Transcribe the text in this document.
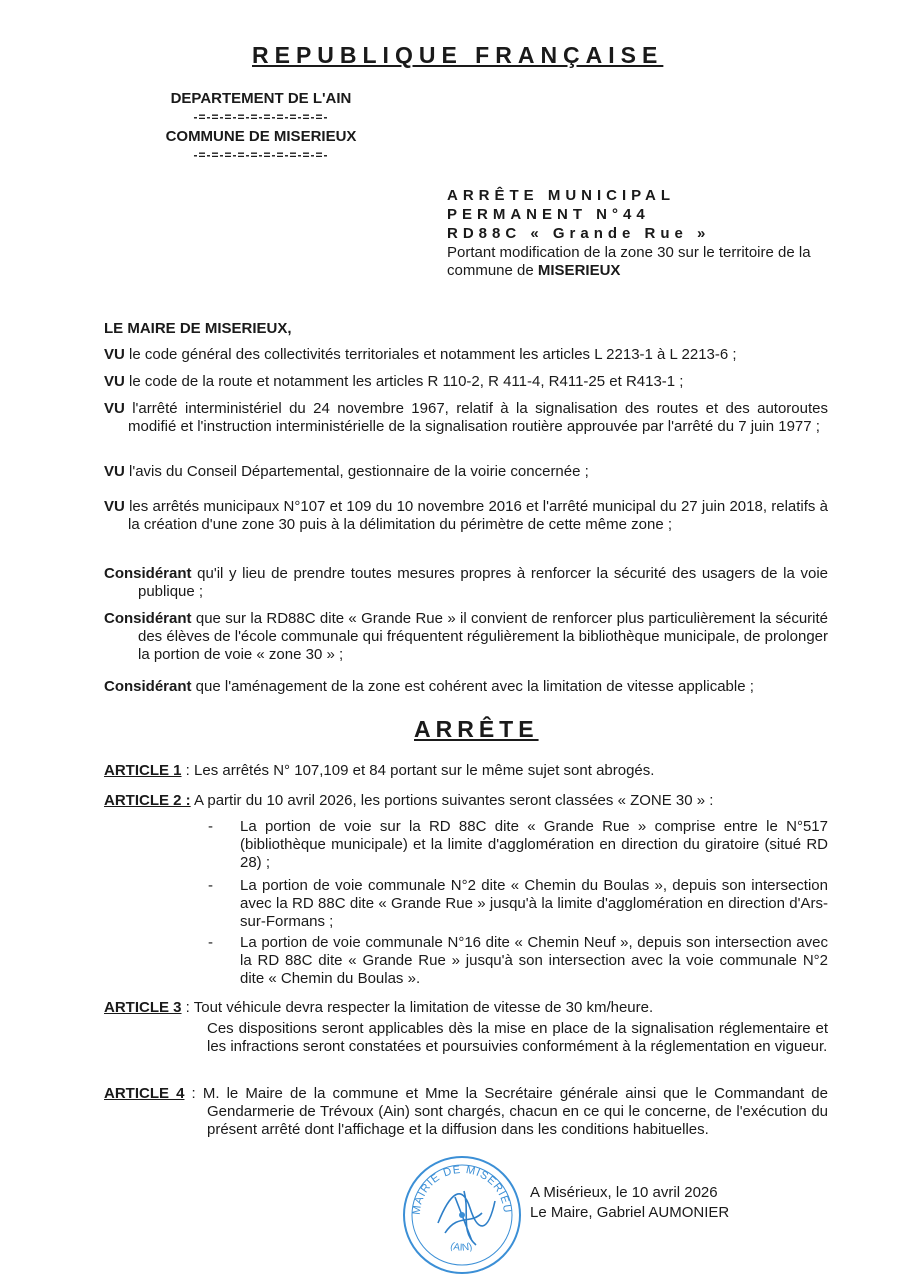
REPUBLIQUE FRANÇAISE
DEPARTEMENT DE L'AIN
-=-=-=-=-=-=-=-=-=-=-
COMMUNE DE MISERIEUX
-=-=-=-=-=-=-=-=-=-=-
ARRÊTE MUNICIPAL
PERMANENT N°44
RD88C « Grande Rue »
Portant modification de la zone 30 sur le territoire de la commune de MISERIEUX
LE MAIRE DE MISERIEUX,
VU le code général des collectivités territoriales et notamment les articles L 2213-1 à L 2213-6 ;
VU le code de la route et notamment les articles R 110-2, R 411-4, R411-25 et R413-1 ;
VU l'arrêté interministériel du 24 novembre 1967, relatif à la signalisation des routes et des autoroutes modifié et l'instruction interministérielle de la signalisation routière approuvée par l'arrêté du 7 juin 1977 ;
VU l'avis du Conseil Départemental, gestionnaire de la voirie concernée ;
VU les arrêtés municipaux N°107 et 109 du 10 novembre 2016 et l'arrêté municipal du 27 juin 2018, relatifs à la création d'une zone 30 puis à la délimitation du périmètre de cette même zone ;
Considérant qu'il y lieu de prendre toutes mesures propres à renforcer la sécurité des usagers de la voie publique ;
Considérant que sur la RD88C dite « Grande Rue » il convient de renforcer plus particulièrement la sécurité des élèves de l'école communale qui fréquentent régulièrement la bibliothèque municipale, de prolonger la portion de voie « zone 30 » ;
Considérant que l'aménagement de la zone est cohérent avec la limitation de vitesse applicable ;
ARRÊTE
ARTICLE 1 : Les arrêtés N° 107,109 et 84 portant sur le même sujet sont abrogés.
ARTICLE 2 : A partir du 10 avril 2026, les portions suivantes seront classées « ZONE 30 » :
- La portion de voie sur la RD 88C dite « Grande Rue » comprise entre le N°517 (bibliothèque municipale) et la limite d'agglomération en direction du giratoire (situé RD 28) ;
- La portion de voie communale N°2 dite « Chemin du Boulas », depuis son intersection avec la RD 88C dite « Grande Rue » jusqu'à la limite d'agglomération en direction d'Ars-sur-Formans ;
- La portion de voie communale N°16 dite « Chemin Neuf », depuis son intersection avec la RD 88C dite « Grande Rue » jusqu'à son intersection avec la voie communale N°2 dite « Chemin du Boulas ».
ARTICLE 3 : Tout véhicule devra respecter la limitation de vitesse de 30 km/heure.
Ces dispositions seront applicables dès la mise en place de la signalisation réglementaire et les infractions seront constatées et poursuivies conformément à la réglementation en vigueur.
ARTICLE 4 : M. le Maire de la commune et Mme la Secrétaire générale ainsi que le Commandant de Gendarmerie de Trévoux (Ain) sont chargés, chacun en ce qui le concerne, de l'exécution du présent arrêté dont l'affichage et la diffusion dans les conditions habituelles.
MAIRIE DE MISERIEU
(AIN)
A Misérieux, le 10 avril 2026
Le Maire, Gabriel AUMONIER
